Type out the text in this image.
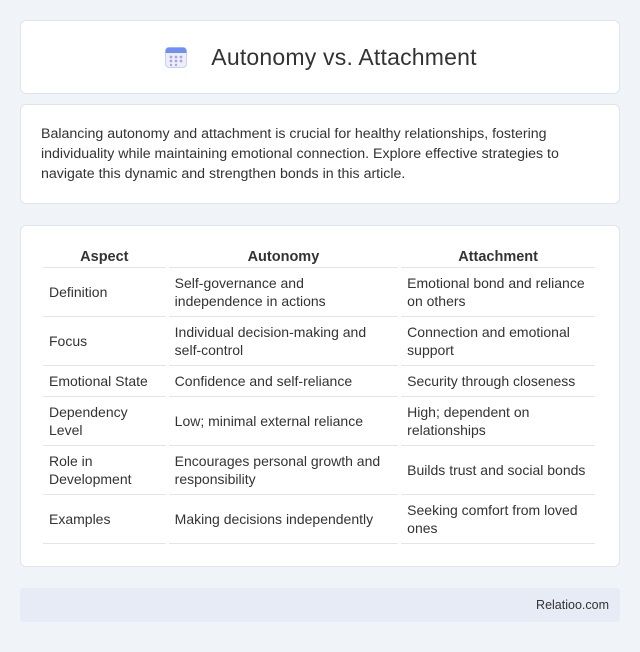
Autonomy vs. Attachment

Balancing autonomy and attachment is crucial for healthy relationships, fostering individuality while maintaining emotional connection. Explore effective strategies to navigate this dynamic and strengthen bonds in this article.

Aspect	Autonomy	Attachment
Definition	Self-governance and independence in actions	Emotional bond and reliance on others
Focus	Individual decision-making and self-control	Connection and emotional support
Emotional State	Confidence and self-reliance	Security through closeness
Dependency Level	Low; minimal external reliance	High; dependent on relationships
Role in Development	Encourages personal growth and responsibility	Builds trust and social bonds
Examples	Making decisions independently	Seeking comfort from loved ones
Relatioo.com
